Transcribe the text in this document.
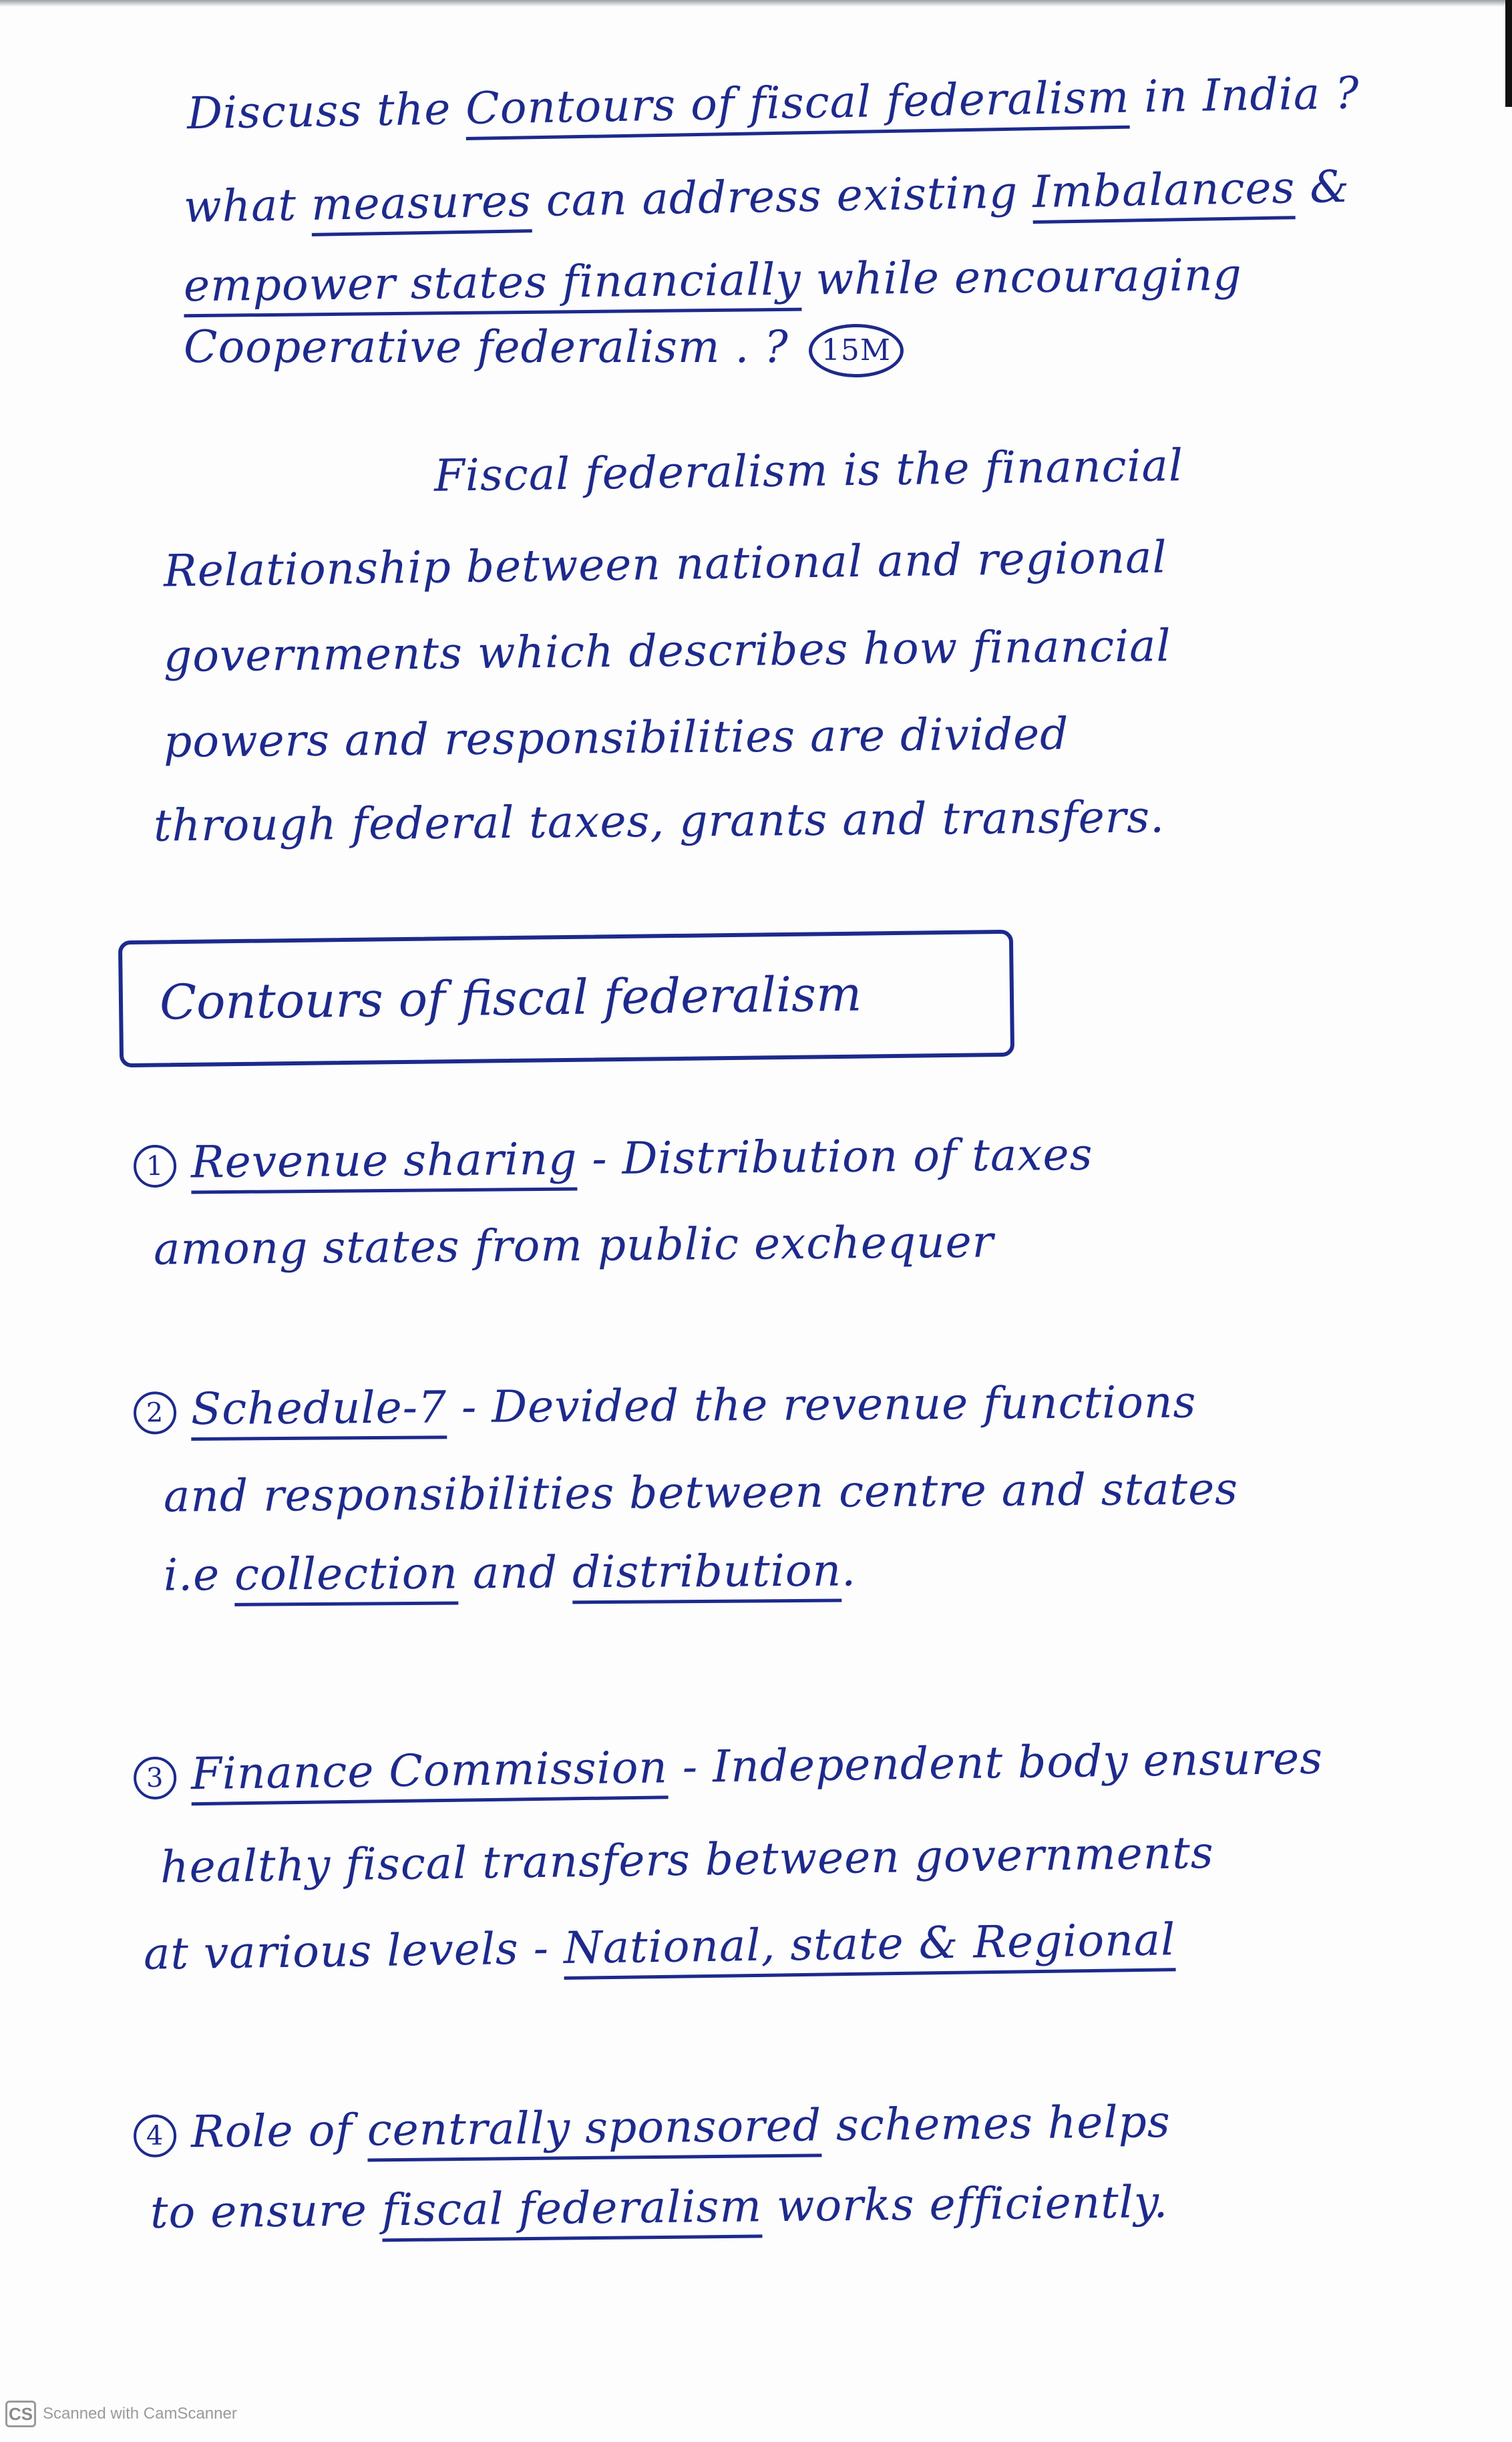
Discuss the Contours of fiscal federalism in India ?
what measures can address existing Imbalances &
empower states financially while encouraging
Cooperative federalism . ? 15M
Fiscal federalism is the financial
Relationship between national and regional
governments which describes how financial
powers and responsibilities are divided
through federal taxes, grants and transfers.
Contours of fiscal federalism
1 Revenue sharing - Distribution of taxes
among states from public exchequer
2 Schedule-7 - Devided the revenue functions
and responsibilities between centre and states
i.e collection and distribution.
3 Finance Commission - Independent body ensures
healthy fiscal transfers between governments
at various levels - National, state & Regional
4 Role of centrally sponsored schemes helps
to ensure fiscal federalism works efficiently.
CS Scanned with CamScanner
